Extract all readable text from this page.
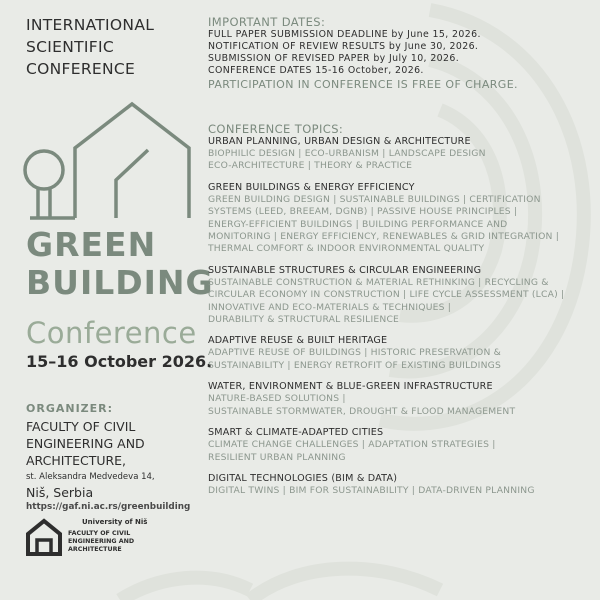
INTERNATIONAL
SCIENTIFIC
CONFERENCE
GREEN
BUILDING
Conference
15–16 October 2026.
ORGANIZER:
FACULTY OF CIVIL
ENGINEERING AND
ARCHITECTURE,
st. Aleksandra Medvedeva 14,
Niš, Serbia
https://gaf.ni.ac.rs/greenbuilding
University of Niš
FACULTY OF CIVIL
ENGINEERING AND
ARCHITECTURE
IMPORTANT DATES:
FULL PAPER SUBMISSION DEADLINE by June 15, 2026.
NOTIFICATION OF REVIEW RESULTS by June 30, 2026.
SUBMISSION OF REVISED PAPER by July 10, 2026.
CONFERENCE DATES 15-16 October, 2026.
PARTICIPATION IN CONFERENCE IS FREE OF CHARGE.
CONFERENCE TOPICS:
URBAN PLANNING, URBAN DESIGN & ARCHITECTURE
BIOPHILIC DESIGN | ECO-URBANISM | LANDSCAPE DESIGN
ECO-ARCHITECTURE | THEORY & PRACTICE
GREEN BUILDINGS & ENERGY EFFICIENCY
GREEN BUILDING DESIGN | SUSTAINABLE BUILDINGS | CERTIFICATION
SYSTEMS (LEED, BREEAM, DGNB) | PASSIVE HOUSE PRINCIPLES |
ENERGY-EFFICIENT BUILDINGS | BUILDING PERFORMANCE AND
MONITORING | ENERGY EFFICIENCY, RENEWABLES & GRID INTEGRATION |
THERMAL COMFORT & INDOOR ENVIRONMENTAL QUALITY
SUSTAINABLE STRUCTURES & CIRCULAR ENGINEERING
SUSTAINABLE CONSTRUCTION & MATERIAL RETHINKING | RECYCLING &
CIRCULAR ECONOMY IN CONSTRUCTION | LIFE CYCLE ASSESSMENT (LCA) |
INNOVATIVE AND ECO-MATERIALS & TECHNIQUES |
DURABILITY & STRUCTURAL RESILIENCE
ADAPTIVE REUSE & BUILT HERITAGE
ADAPTIVE REUSE OF BUILDINGS | HISTORIC PRESERVATION &
SUSTAINABILITY | ENERGY RETROFIT OF EXISTING BUILDINGS
WATER, ENVIRONMENT & BLUE-GREEN INFRASTRUCTURE
NATURE-BASED SOLUTIONS |
SUSTAINABLE STORMWATER, DROUGHT & FLOOD MANAGEMENT
SMART & CLIMATE-ADAPTED CITIES
CLIMATE CHANGE CHALLENGES | ADAPTATION STRATEGIES |
RESILIENT URBAN PLANNING
DIGITAL TECHNOLOGIES (BIM & DATA)
DIGITAL TWINS | BIM FOR SUSTAINABILITY | DATA-DRIVEN PLANNING
